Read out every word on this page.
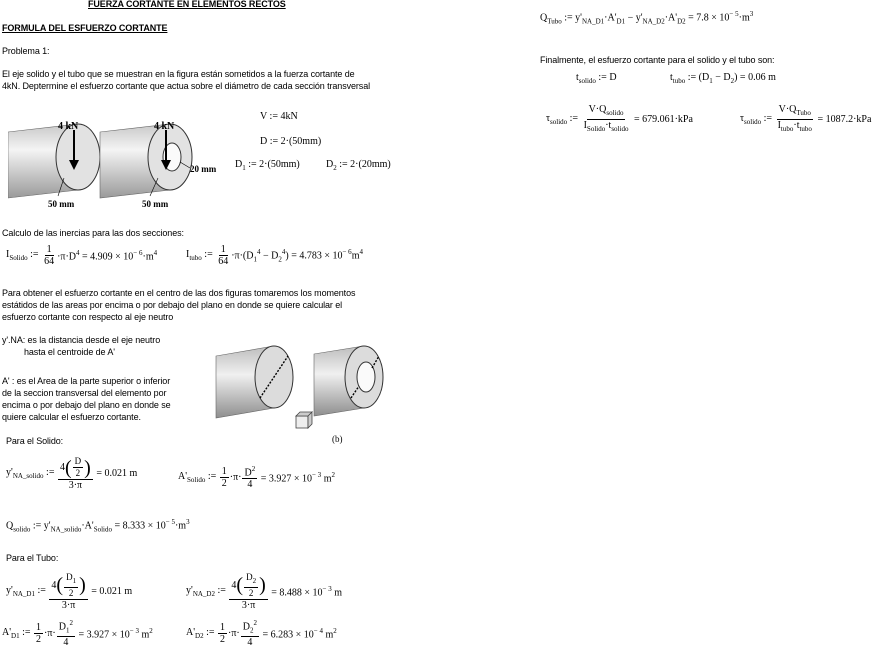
FUERZA CORTANTE EN ELEMENTOS RECTOS
FORMULA DEL ESFUERZO CORTANTE
Problema 1:
El eje solido y el tubo que se muestran en la figura están sometidos a la fuerza cortante de
4kN. Deptermine el esfuerzo cortante que actua sobre el diámetro de cada sección transversal
4 kN
50 mm
4 kN
20 mm
50 mm
V := 4kN
D := 2·(50mm)
$D_1$ := 2·(50mm)	$D_2$ := 2·(20mm)
Calculo de las inercias para las dos secciones:
$I_{Solido}$ := $\frac{1}{64} \cdot\pi\cdot D^4 = 4.909 \times 10^{- 6}\cdot m^4$	$I_{tubo}$ := $\frac{1}{64} \cdot\pi\cdot(D_1^4 - D_2^4) = 4.783 \times 10^{- 6}m^4$
Para obtener el esfuerzo cortante en el centro de las dos figuras tomaremos los momentos
estátidos de las areas por encima o por debajo del plano en donde se quiere calcular el
esfuerzo cortante con respecto al eje neutro
y'.NA: es la distancia desde el eje neutro
hasta el centroide de A'
A' : es el Area de la parte superior o inferior
de la seccion transversal del elemento por
encima o por debajo del plano en donde se
quiere calcular el esfuerzo cortante.
(b)
Para el Solido:
$y'_{NA\_solido}$ := $\frac{4 ( \frac{D}{2} )}{3\cdot\pi} = 0.021$ m	$A'_{Solido}$ := $\frac{1}{2} \cdot\pi\cdot \frac{D^2}{4} = 3.927 \times 10^{- 3}$ $m^2$
$Q_{solido}$ := $y'_{NA\_solido}\cdot A'_{Solido} = 8.333 \times 10^{- 5}\cdot m^3$
Para el Tubo:
$y'_{NA\_D1}$ := $\frac{4 ( \frac{D_1}{2} )}{3\cdot\pi} = 0.021$ m	$y'_{NA\_D2}$ := $\frac{4 ( \frac{D_2}{2} )}{3\cdot\pi} = 8.488 \times 10^{- 3}$ m
$A'_{D1}$ := $\frac{1}{2} \cdot\pi\cdot \frac{D_1^2}{4} = 3.927 \times 10^{- 3}$ $m^2$	$A'_{D2}$ := $\frac{1}{2} \cdot\pi\cdot \frac{D_2^2}{4} = 6.283 \times 10^{- 4}$ $m^2$
$Q_{Tubo}$ := $y'_{NA\_D1}\cdot A'_{D1} - y'_{NA\_D2}\cdot A'_{D2} = 7.8 \times 10^{- 5}\cdot m^3$
Finalmente, el esfuerzo cortante para el solido y el tubo son:
$t_{solido}$ := D	$t_{tubo}$ := $(D_1 - D_2) = 0.06$ m
$\tau_{solido}$ := $\frac{V\cdot Q_{solido}}{I_{Solido}\cdot t_{solido}} = 679.061\cdot kPa$	$\tau_{solido}$ := $\frac{V\cdot Q_{Tubo}}{I_{tubo}\cdot t_{tubo}} = 1087.2\cdot kPa$
